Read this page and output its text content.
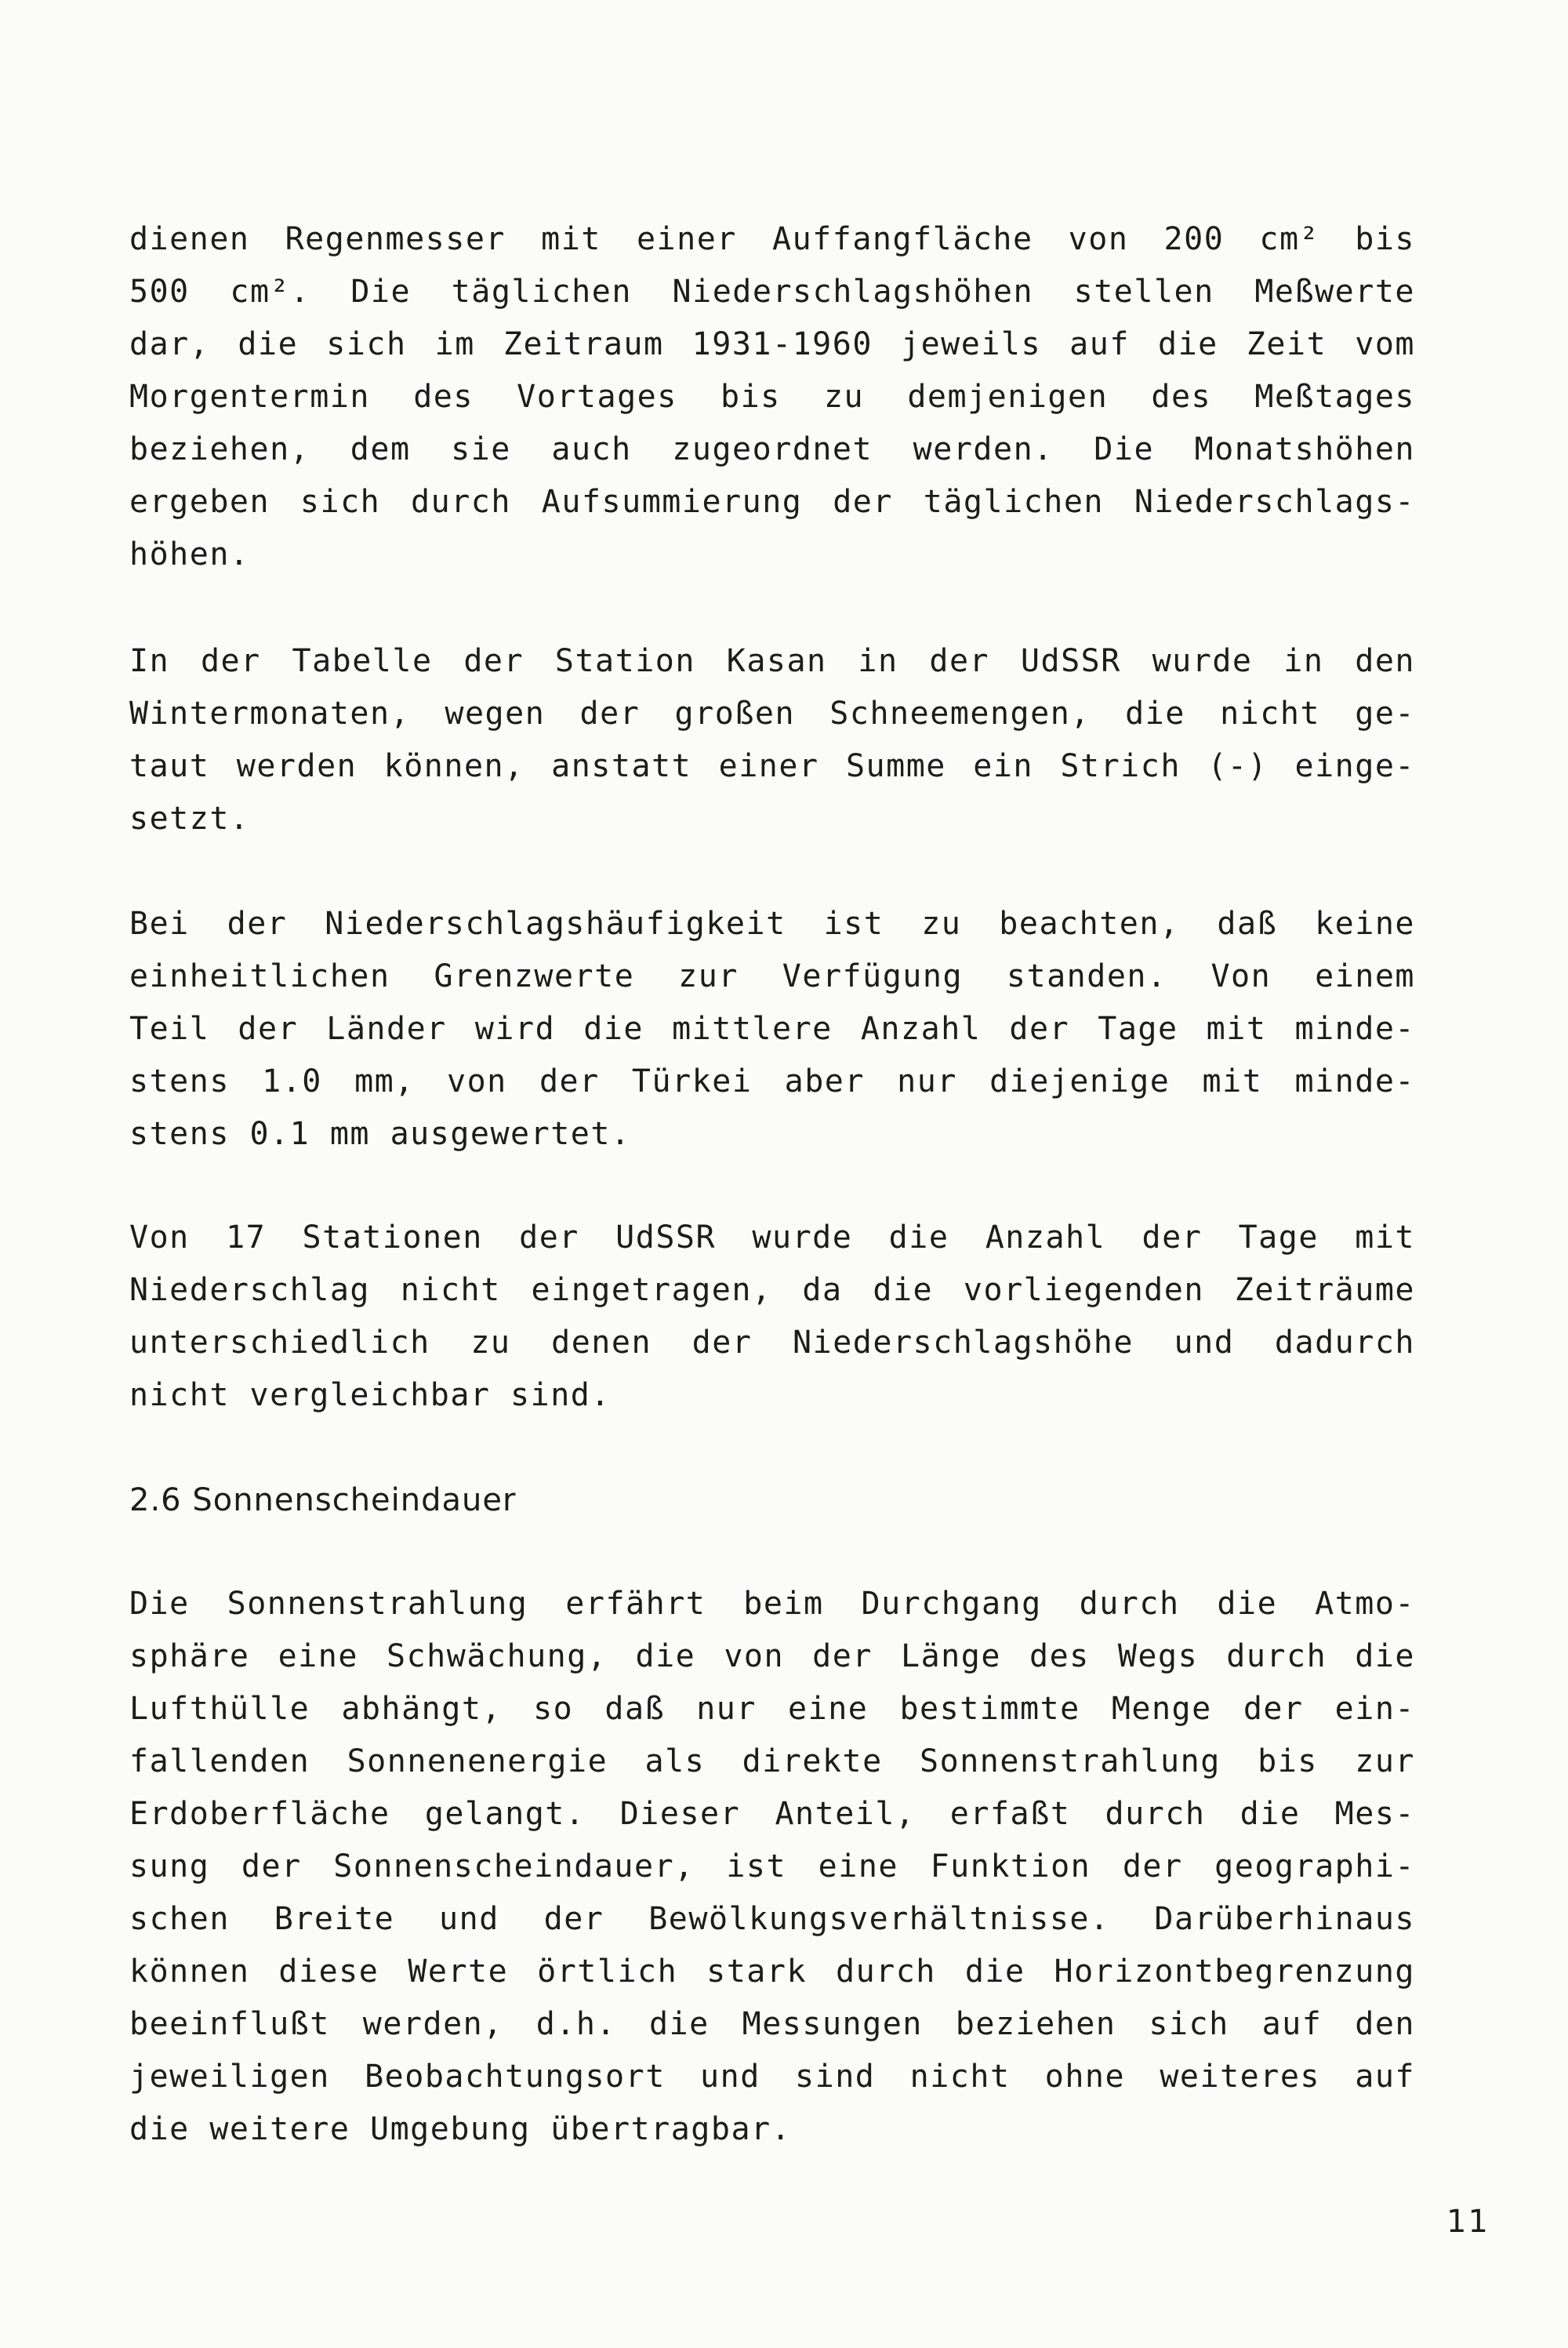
dienen Regenmesser mit einer Auffangfläche von 200 cm² bis
500 cm². Die täglichen Niederschlagshöhen stellen Meßwerte
dar, die sich im Zeitraum 1931-1960 jeweils auf die Zeit vom
Morgentermin des Vortages bis zu demjenigen des Meßtages
beziehen, dem sie auch zugeordnet werden. Die Monatshöhen
ergeben sich durch Aufsummierung der täglichen Niederschlags-
höhen.
In der Tabelle der Station Kasan in der UdSSR wurde in den
Wintermonaten, wegen der großen Schneemengen, die nicht ge-
taut werden können, anstatt einer Summe ein Strich (-) einge-
setzt.
Bei der Niederschlagshäufigkeit ist zu beachten, daß keine
einheitlichen Grenzwerte zur Verfügung standen. Von einem
Teil der Länder wird die mittlere Anzahl der Tage mit minde-
stens 1.0 mm, von der Türkei aber nur diejenige mit minde-
stens 0.1 mm ausgewertet.
Von 17 Stationen der UdSSR wurde die Anzahl der Tage mit
Niederschlag nicht eingetragen, da die vorliegenden Zeiträume
unterschiedlich zu denen der Niederschlagshöhe und dadurch
nicht vergleichbar sind.
2.6 Sonnenscheindauer
Die Sonnenstrahlung erfährt beim Durchgang durch die Atmo-
sphäre eine Schwächung, die von der Länge des Wegs durch die
Lufthülle abhängt, so daß nur eine bestimmte Menge der ein-
fallenden Sonnenenergie als direkte Sonnenstrahlung bis zur
Erdoberfläche gelangt. Dieser Anteil, erfaßt durch die Mes-
sung der Sonnenscheindauer, ist eine Funktion der geographi-
schen Breite und der Bewölkungsverhältnisse. Darüberhinaus
können diese Werte örtlich stark durch die Horizontbegrenzung
beeinflußt werden, d.h. die Messungen beziehen sich auf den
jeweiligen Beobachtungsort und sind nicht ohne weiteres auf
die weitere Umgebung übertragbar.
11
